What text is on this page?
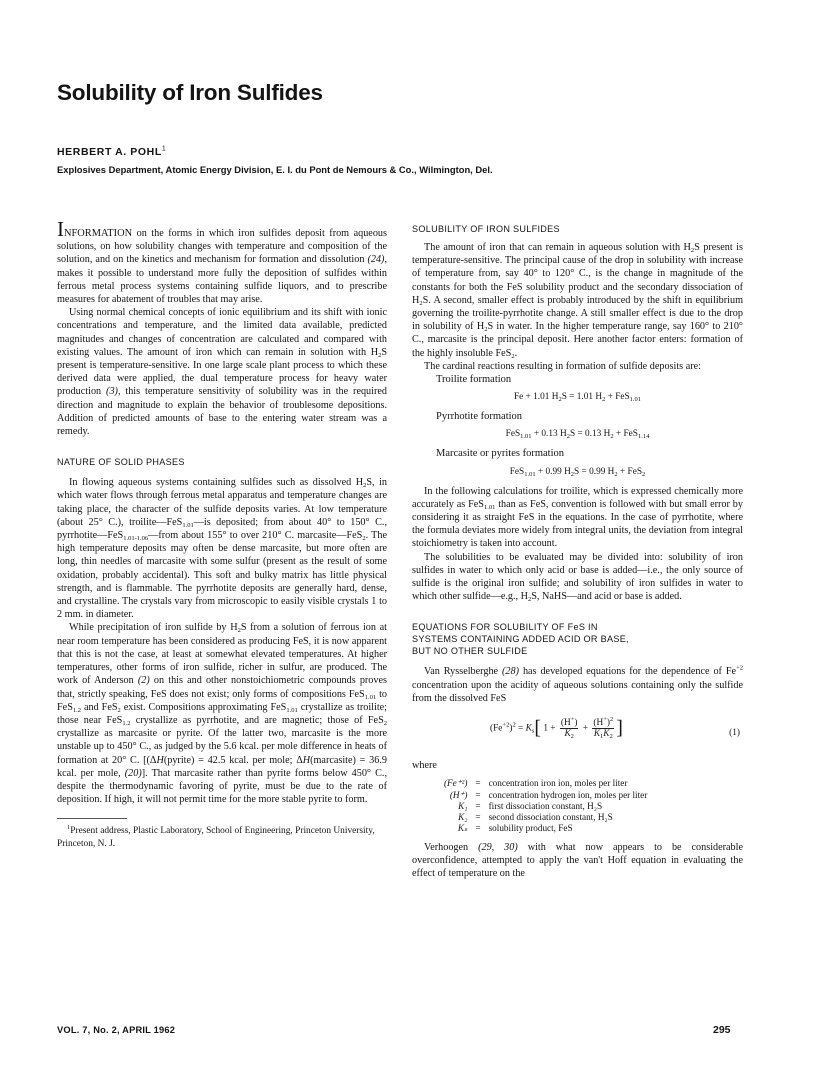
Solubility of Iron Sulfides
HERBERT A. POHL$^1$
Explosives Department, Atomic Energy Division, E. I. du Pont de Nemours & Co., Wilmington, Del.

INFORMATION on the forms in which iron sulfides deposit from aqueous solutions, on how solubility changes with temperature and composition of the solution, and on the kinetics and mechanism for formation and dissolution (24), makes it possible to understand more fully the deposition of sulfides within ferrous metal process systems containing sulfide liquors, and to prescribe measures for abatement of troubles that may arise.

Using normal chemical concepts of ionic equilibrium and its shift with ionic concentrations and temperature, and the limited data available, predicted magnitudes and changes of concentration are calculated and compared with existing values. The amount of iron which can remain in solution with $H_2S$ present is temperature-sensitive. In one large scale plant process to which these derived data were applied, the dual temperature process for heavy water production (3), this temperature sensitivity of solubility was in the required direction and magnitude to explain the behavior of troublesome depositions. Addition of predicted amounts of base to the entering water stream was a remedy.

NATURE OF SOLID PHASES

In flowing aqueous systems containing sulfides such as dissolved $H_2S$, in which water flows through ferrous metal apparatus and temperature changes are taking place, the character of the sulfide deposits varies. At low temperature (about 25° C.), troilite—FeS$_{1.01}$—is deposited; from about 40° to 150° C., pyrrhotite—FeS$_{1.01-1.06}$—from about 155° to over 210° C. marcasite—FeS$_2$. The high temperature deposits may often be dense marcasite, but more often are long, thin needles of marcasite with some sulfur (present as the result of some oxidation, probably accidental). This soft and bulky matrix has little physical strength, and is flammable. The pyrrhotite deposits are generally hard, dense, and crystalline. The crystals vary from microscopic to easily visible crystals 1 to 2 mm. in diameter.

While precipitation of iron sulfide by $H_2S$ from a solution of ferrous ion at near room temperature has been considered as producing FeS, it is now apparent that this is not the case, at least at somewhat elevated temperatures. At higher temperatures, other forms of iron sulfide, richer in sulfur, are produced. The work of Anderson (2) on this and other nonstoichiometric compounds proves that, strictly speaking, FeS does not exist; only forms of compositions FeS$_{1.01}$ to FeS$_{1.2}$ and FeS$_2$ exist. Compositions approximating FeS$_{1.01}$ crystallize as troilite; those near FeS$_{1.2}$ crystallize as pyrrhotite, and are magnetic; those of FeS$_2$ crystallize as marcasite or pyrite. Of the latter two, marcasite is the more unstable up to 450° C., as judged by the 5.6 kcal. per mole difference in heats of formation at 20° C. [(ΔH(pyrite) = 42.5 kcal. per mole; ΔH(marcasite) = 36.9 kcal. per mole, (20)]. That marcasite rather than pyrite forms below 450° C., despite the thermodynamic favoring of pyrite, must be due to the rate of deposition. If high, it will not permit time for the more stable pyrite to form.

$^1$Present address, Plastic Laboratory, School of Engineering, Princeton University, Princeton, N. J.

SOLUBILITY OF IRON SULFIDES

The amount of iron that can remain in aqueous solution with $H_2S$ present is temperature-sensitive. The principal cause of the drop in solubility with increase of temperature from, say 40° to 120° C., is the change in magnitude of the constants for both the FeS solubility product and the secondary dissociation of $H_2S$. A second, smaller effect is probably introduced by the shift in equilibrium governing the troilite-pyrrhotite change. A still smaller effect is due to the drop in solubility of $H_2S$ in water. In the higher temperature range, say 160° to 210° C., marcasite is the principal deposit. Here another factor enters: formation of the highly insoluble FeS$_2$.

The cardinal reactions resulting in formation of sulfide deposits are:

Troilite formation

Fe + 1.01 $H_2S = 1.01$ $H_2 + FeS_{1.01}$

Pyrrhotite formation

FeS$_{1.01}$ + 0.13 $H_2S = 0.13$ $H_2 + FeS_{1.14}$

Marcasite or pyrites formation

FeS$_{1.01}$ + 0.99 $H_2S = 0.99$ $H_2 + FeS_2$

In the following calculations for troilite, which is expressed chemically more accurately as FeS$_{1.01}$ than as FeS, convention is followed with but small error by considering it as straight FeS in the equations. In the case of pyrrhotite, where the formula deviates more widely from integral units, the deviation from integral stoichiometry is taken into account.

The solubilities to be evaluated may be divided into: solubility of iron sulfides in water to which only acid or base is added—i.e., the only source of sulfide is the original iron sulfide; and solubility of iron sulfides in water to which other sulfide—e.g., $H_2S$, NaHS—and acid or base is added.

EQUATIONS FOR SOLUBILITY OF FeS IN
SYSTEMS CONTAINING ADDED ACID OR BASE,
BUT NO OTHER SULFIDE

Van Rysselberghe (28) has developed equations for the dependence of $Fe^{+2}$ concentration upon the acidity of aqueous solutions containing only the sulfide from the dissolved FeS

$(Fe^{+2})^2 = K_s$[ $1 + \frac{(H^+)}{K_2} + \frac{(H^+)^2}{K_1K_2}$ ]	(1)

where

(Fe⁺²)	=	concentration iron ion, moles per liter
(H⁺)	=	concentration hydrogen ion, moles per liter
K₁	=	first dissociation constant, H₂S
K₂	=	second dissociation constant, H₂S
Kₛ	=	solubility product, FeS

Verhoogen (29, 30) with what now appears to be considerable overconfidence, attempted to apply the van't Hoff equation in evaluating the effect of temperature on the

VOL. 7, No. 2, APRIL 1962	295
